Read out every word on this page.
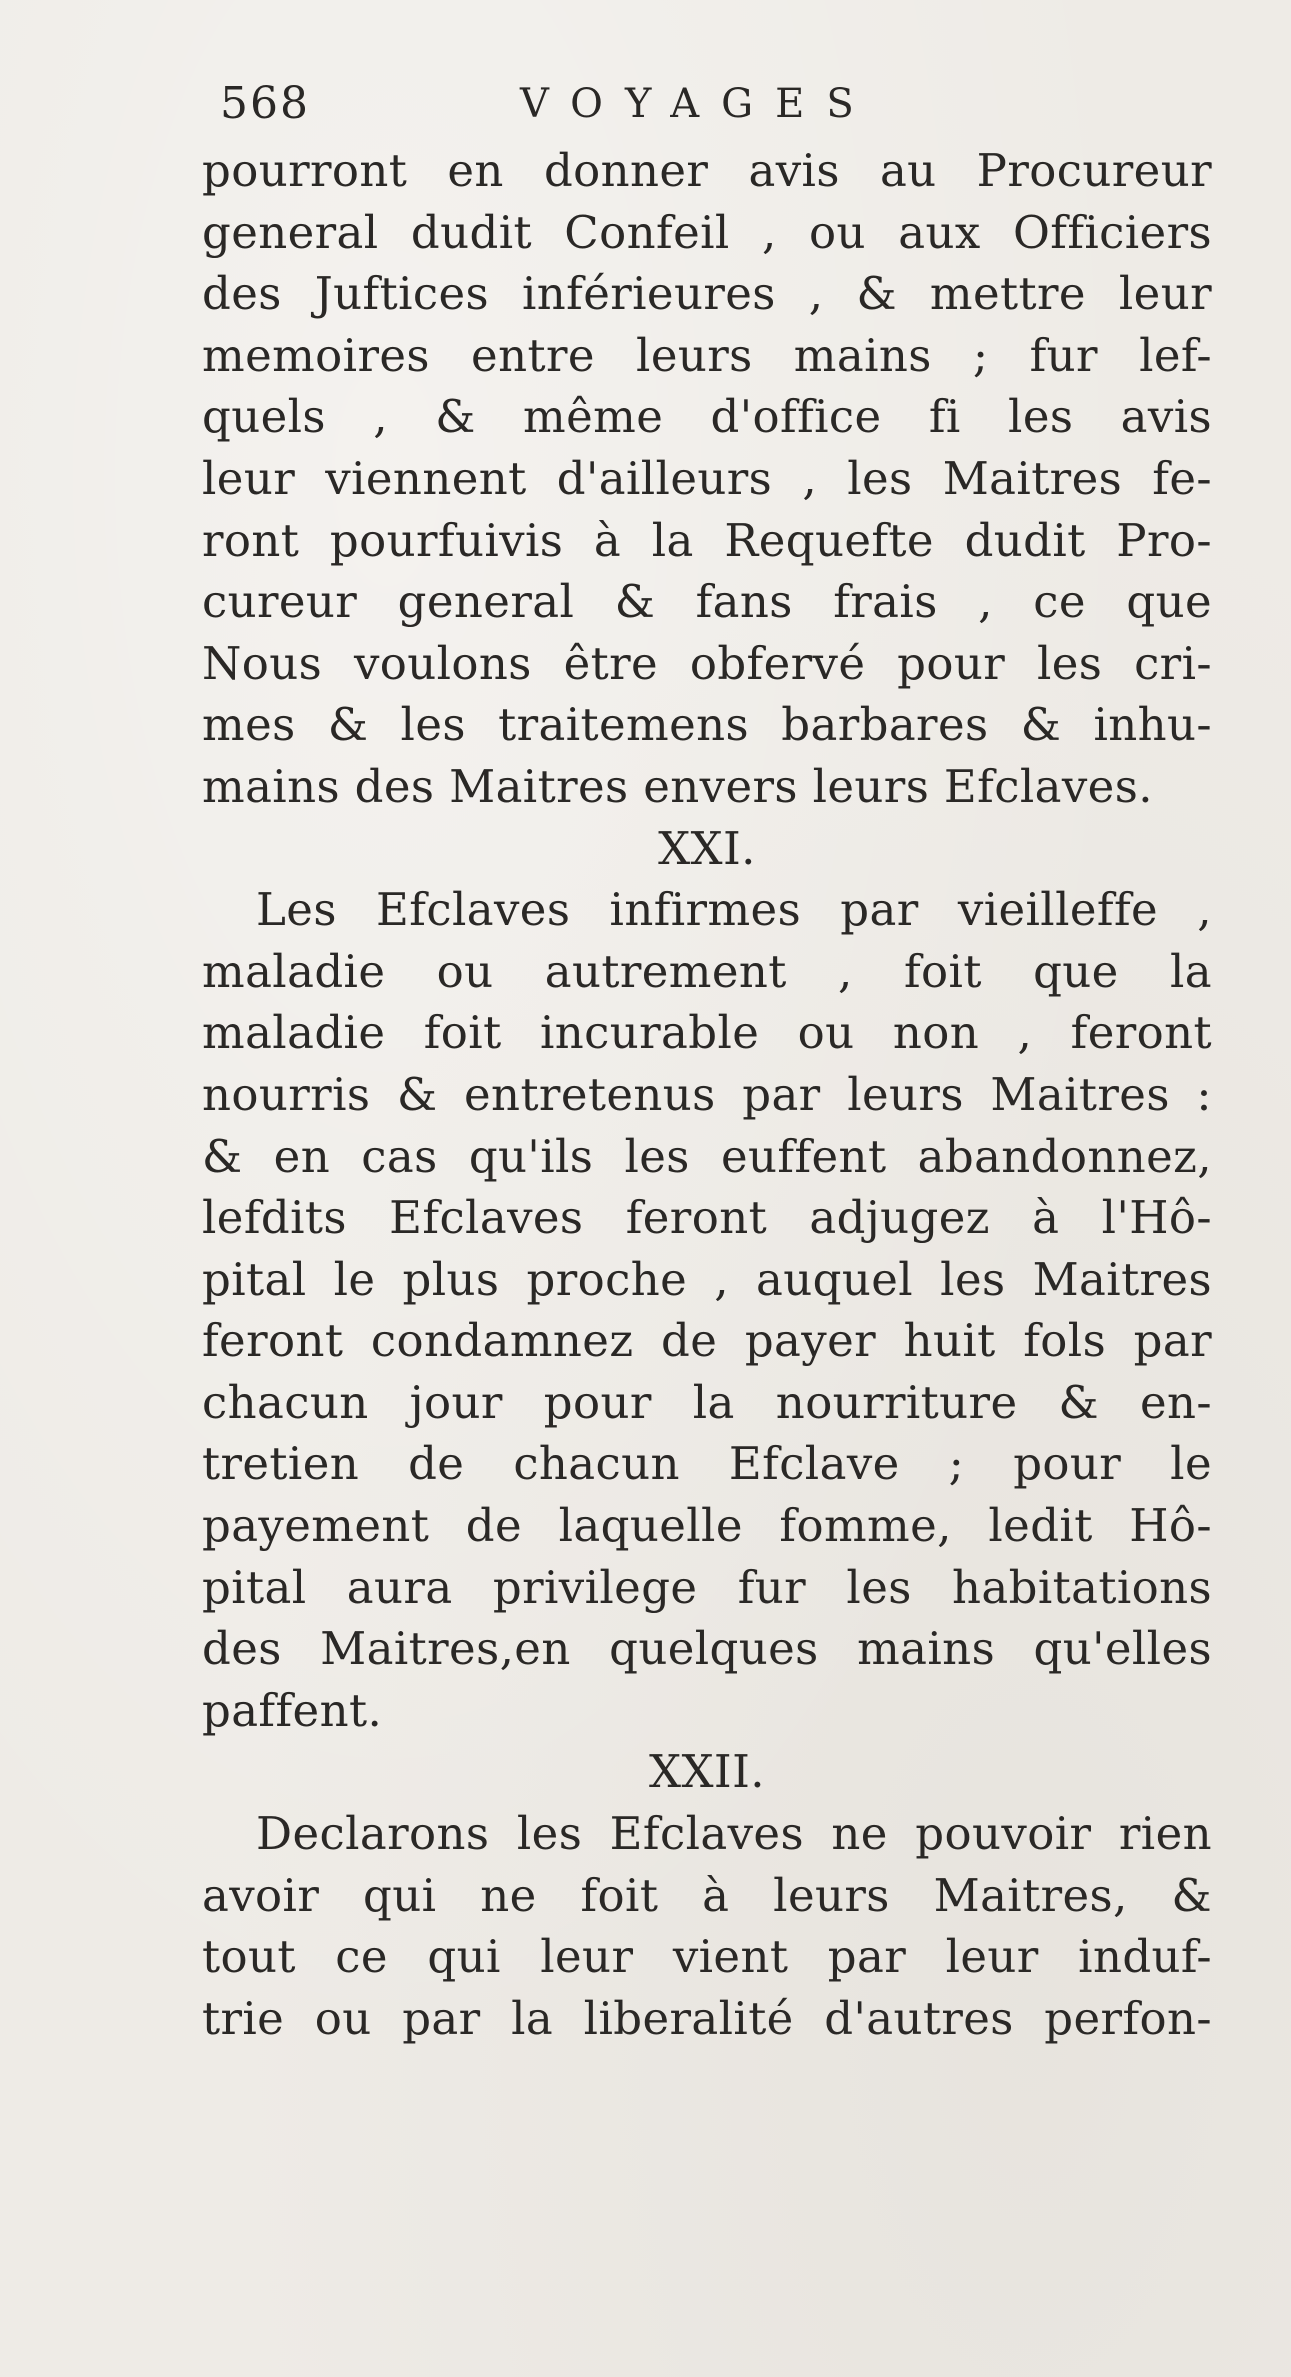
568	VOYAGES
pourront en donner avis au Procureur
general dudit Confeil , ou aux Officiers
des Juftices inférieures , & mettre leur
memoires entre leurs mains ; fur lef-
quels , & même d'office fi les avis
leur viennent d'ailleurs , les Maitres fe-
ront pourfuivis à la Requefte dudit Pro-
cureur general & fans frais , ce que
Nous voulons être obfervé pour les cri-
mes & les traitemens barbares & inhu-
mains des Maitres envers leurs Efclaves.
XXI.
Les Efclaves infirmes par vieilleffe ,
maladie ou autrement , foit que la
maladie foit incurable ou non , feront
nourris & entretenus par leurs Maitres :
& en cas qu'ils les euffent abandonnez,
lefdits Efclaves feront adjugez à l'Hô-
pital le plus proche , auquel les Maitres
feront condamnez de payer huit fols par
chacun jour pour la nourriture & en-
tretien de chacun Efclave ; pour le
payement de laquelle fomme, ledit Hô-
pital aura privilege fur les habitations
des Maitres,en quelques mains qu'elles
paffent.
XXII.
Declarons les Efclaves ne pouvoir rien
avoir qui ne foit à leurs Maitres, &
tout ce qui leur vient par leur induf-
trie ou par la liberalité d'autres perfon-
